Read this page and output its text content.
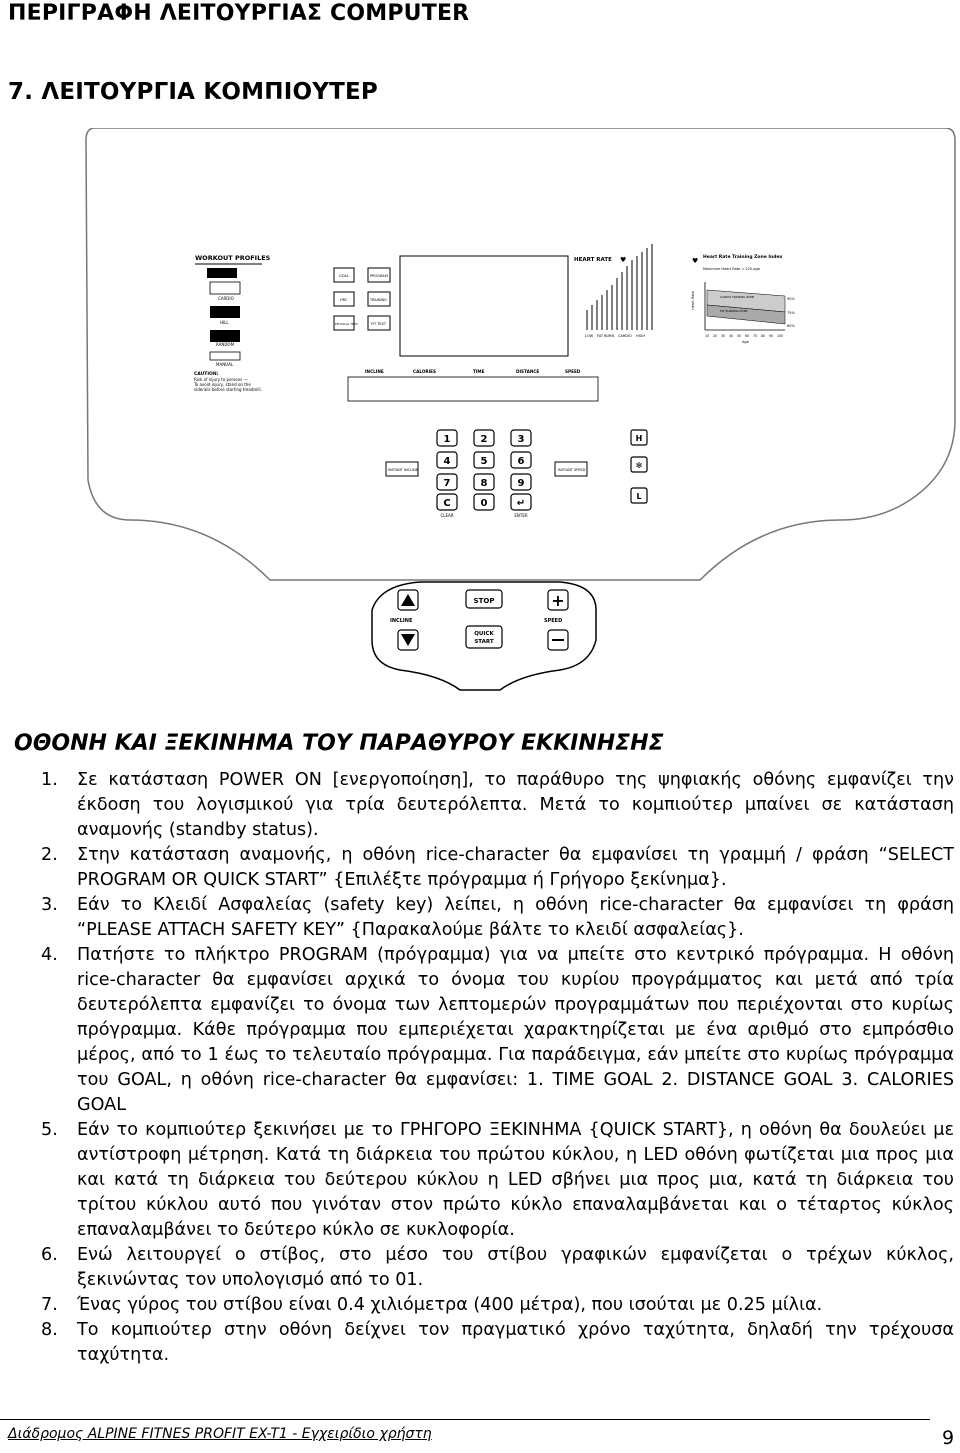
ΠΕΡΙΓΡΑΦΗ ΛΕΙΤΟΥΡΓΙΑΣ COMPUTER
7. ΛΕΙΤΟΥΡΓΙΑ ΚΟΜΠΙΟΥΤΕΡ
WORKOUT PROFILES
CARDIO
HILL
RANDOM
MANUAL
CAUTION:
Risk of injury to persons —
To avoid injury, stand on the
siderails before starting treadmill.
GOAL	PROGRAM
HRC	TRAINING
PHYSICAL TEST	FIT TEST
HEART RATE ♥
LOW FAT BURN CARDIO HIGH
♥ Heart Rate Training Zone Index
Maximum Heart Rate = 220-age
Heart Rate	CARDIO TRAINING ZONE
FAT BURNING ZONE
90%
75%
60%
10 20 30 40 50 60 70 80 90 100
Age
INCLINE	CALORIES	TIME	DISTANCE	SPEED
1	2	3
4	5	6
7	8	9
C	0	↵
CLEAR	ENTER
INSTANT INCLINE	INSTANT SPEED
H
✻
L
INCLINE
STOP
QUICK
START
+
SPEED
ΟΘΟΝΗ ΚΑΙ ΞΕΚΙΝΗΜΑ ΤΟΥ ΠΑΡΑΘΥΡΟΥ ΕΚΚΙΝΗΣΗΣ
1. Σε κατάσταση POWER ON [ενεργοποίηση], το παράθυρο της ψηφιακής οθόνης εμφανίζει την έκδοση του λογισμικού για τρία δευτερόλεπτα. Μετά το κομπιούτερ μπαίνει σε κατάσταση αναμονής (standby status).
2. Στην κατάσταση αναμονής, η οθόνη rice-character θα εμφανίσει τη γραμμή / φράση “SELECT PROGRAM OR QUICK START” {Επιλέξτε πρόγραμμα ή Γρήγορο ξεκίνημα}.
3. Εάν το Κλειδί Ασφαλείας (safety key) λείπει, η οθόνη rice-character θα εμφανίσει τη φράση “PLEASE ATTACH SAFETY KEY” {Παρακαλούμε βάλτε το κλειδί ασφαλείας}.
4. Πατήστε το πλήκτρο PROGRAM (πρόγραμμα) για να μπείτε στο κεντρικό πρόγραμμα. Η οθόνη rice-character θα εμφανίσει αρχικά το όνομα του κυρίου προγράμματος και μετά από τρία δευτερόλεπτα εμφανίζει το όνομα των λεπτομερών προγραμμάτων που περιέχονται στο κυρίως πρόγραμμα. Κάθε πρόγραμμα που εμπεριέχεται χαρακτηρίζεται με ένα αριθμό στο εμπρόσθιο μέρος, από το 1 έως το τελευταίο πρόγραμμα. Για παράδειγμα, εάν μπείτε στο κυρίως πρόγραμμα του GOAL, η οθόνη rice-character θα εμφανίσει: 1. TIME GOAL 2. DISTANCE GOAL 3. CALORIES GOAL
5. Εάν το κομπιούτερ ξεκινήσει με το ΓΡΗΓΟΡΟ ΞΕΚΙΝΗΜΑ {QUICK START}, η οθόνη θα δουλεύει με αντίστροφη μέτρηση. Κατά τη διάρκεια του πρώτου κύκλου, η LED οθόνη φωτίζεται μια προς μια και κατά τη διάρκεια του δεύτερου κύκλου η LED σβήνει μια προς μια, κατά τη διάρκεια του τρίτου κύκλου αυτό που γινόταν στον πρώτο κύκλο επαναλαμβάνεται και ο τέταρτος κύκλος επαναλαμβάνει το δεύτερο κύκλο σε κυκλοφορία.
6. Ενώ λειτουργεί ο στίβος, στο μέσο του στίβου γραφικών εμφανίζεται ο τρέχων κύκλος, ξεκινώντας τον υπολογισμό από το 01.
7. Ένας γύρος του στίβου είναι 0.4 χιλιόμετρα (400 μέτρα), που ισούται με 0.25 μίλια.
8. Το κομπιούτερ στην οθόνη δείχνει τον πραγματικό χρόνο ταχύτητα, δηλαδή την τρέχουσα ταχύτητα.
Διάδρομος ALPINE FITNES PROFIT EX-T1 - Εγχειρίδιο χρήστη	9
